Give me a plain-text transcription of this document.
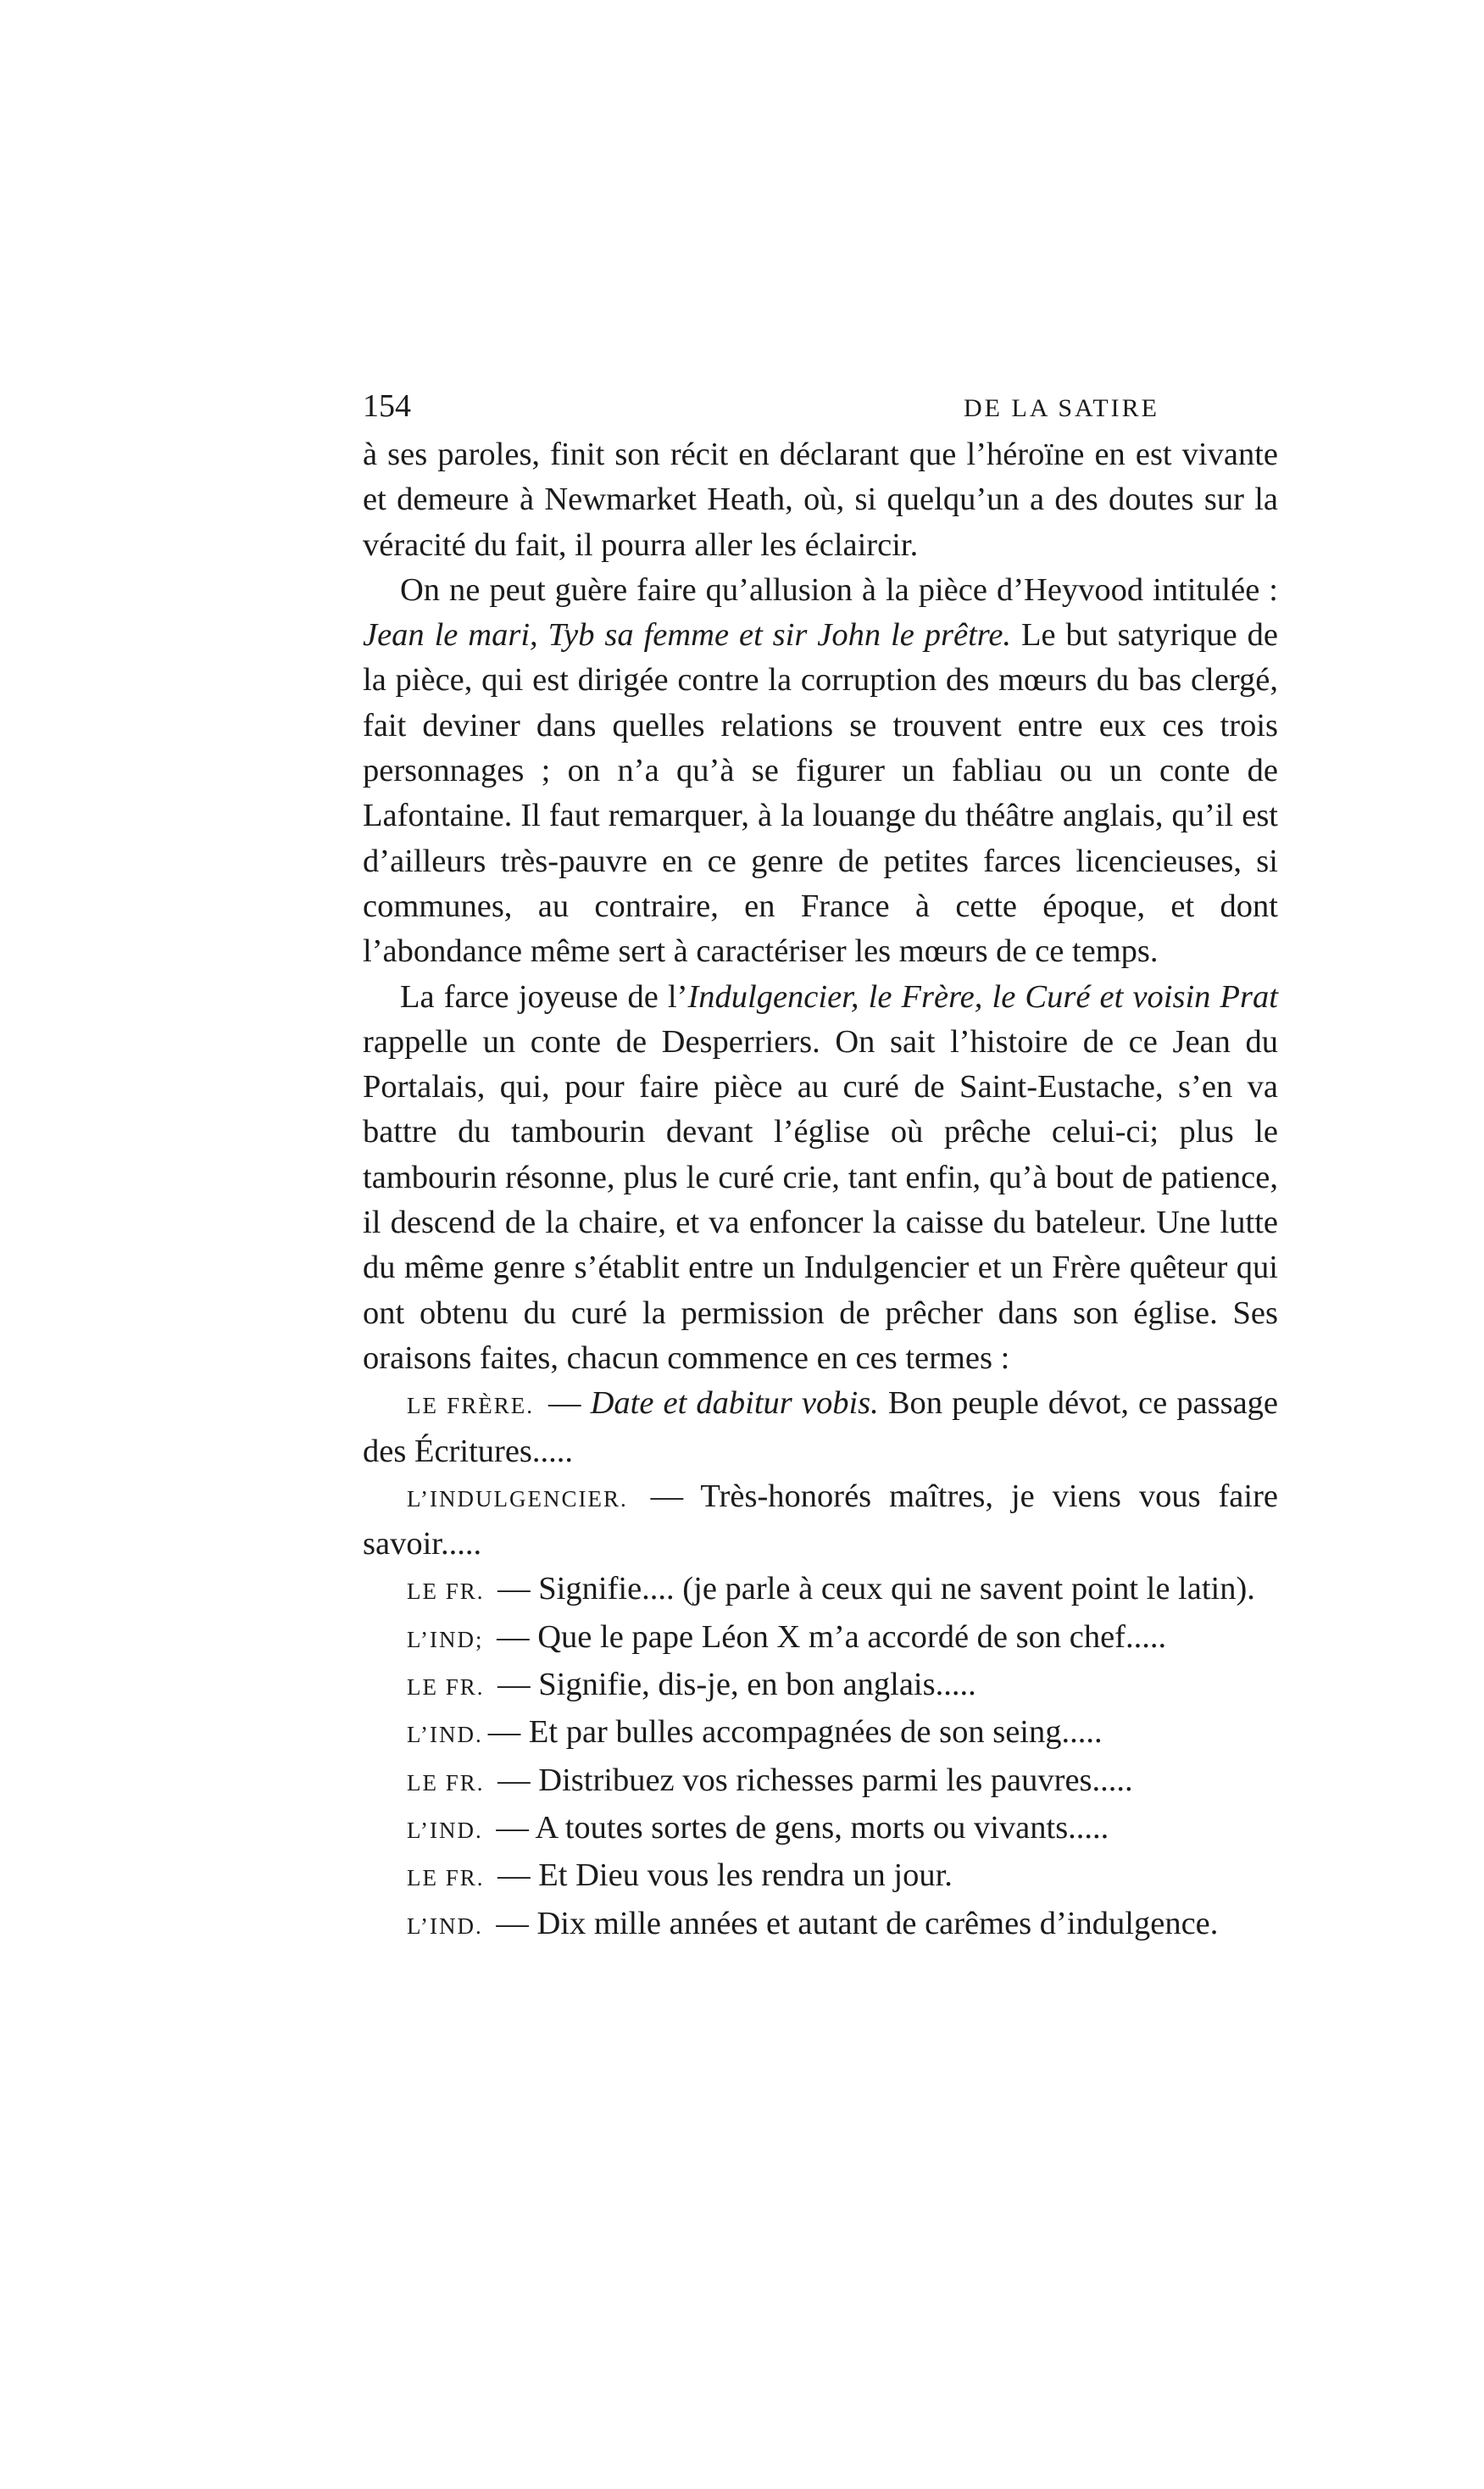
154	DE LA SATIRE

à ses paroles, finit son récit en déclarant que l’héroïne en est vivante et demeure à Newmarket Heath, où, si quelqu’un a des doutes sur la véracité du fait, il pourra aller les éclaircir.

On ne peut guère faire qu’allusion à la pièce d’Heyvood intitulée : Jean le mari, Tyb sa femme et sir John le prêtre. Le but satyrique de la pièce, qui est dirigée contre la corruption des mœurs du bas clergé, fait deviner dans quelles relations se trouvent entre eux ces trois personnages ; on n’a qu’à se figurer un fabliau ou un conte de Lafontaine. Il faut remarquer, à la louange du théâtre anglais, qu’il est d’ailleurs très-pauvre en ce genre de petites farces licencieuses, si communes, au contraire, en France à cette époque, et dont l’abondance même sert à caractériser les mœurs de ce temps.

La farce joyeuse de l’Indulgencier, le Frère, le Curé et voisin Prat rappelle un conte de Desperriers. On sait l’histoire de ce Jean du Portalais, qui, pour faire pièce au curé de Saint-Eustache, s’en va battre du tambourin devant l’église où prêche celui-ci; plus le tambourin résonne, plus le curé crie, tant enfin, qu’à bout de patience, il descend de la chaire, et va enfoncer la caisse du bateleur. Une lutte du même genre s’établit entre un Indulgencier et un Frère quêteur qui ont obtenu du curé la permission de prêcher dans son église. Ses oraisons faites, chacun commence en ces termes :

LE FRÈRE. — Date et dabitur vobis. Bon peuple dévot, ce passage des Écritures.....

L’INDULGENCIER. — Très-honorés maîtres, je viens vous faire savoir.....

LE FR. — Signifie.... (je parle à ceux qui ne savent point le latin).

L’IND; — Que le pape Léon X m’a accordé de son chef.....

LE FR. — Signifie, dis-je, en bon anglais.....

L’IND. — Et par bulles accompagnées de son seing.....

LE FR. — Distribuez vos richesses parmi les pauvres.....

L’IND. — A toutes sortes de gens, morts ou vivants.....

LE FR. — Et Dieu vous les rendra un jour.

L’IND. — Dix mille années et autant de carêmes d’indulgence.
